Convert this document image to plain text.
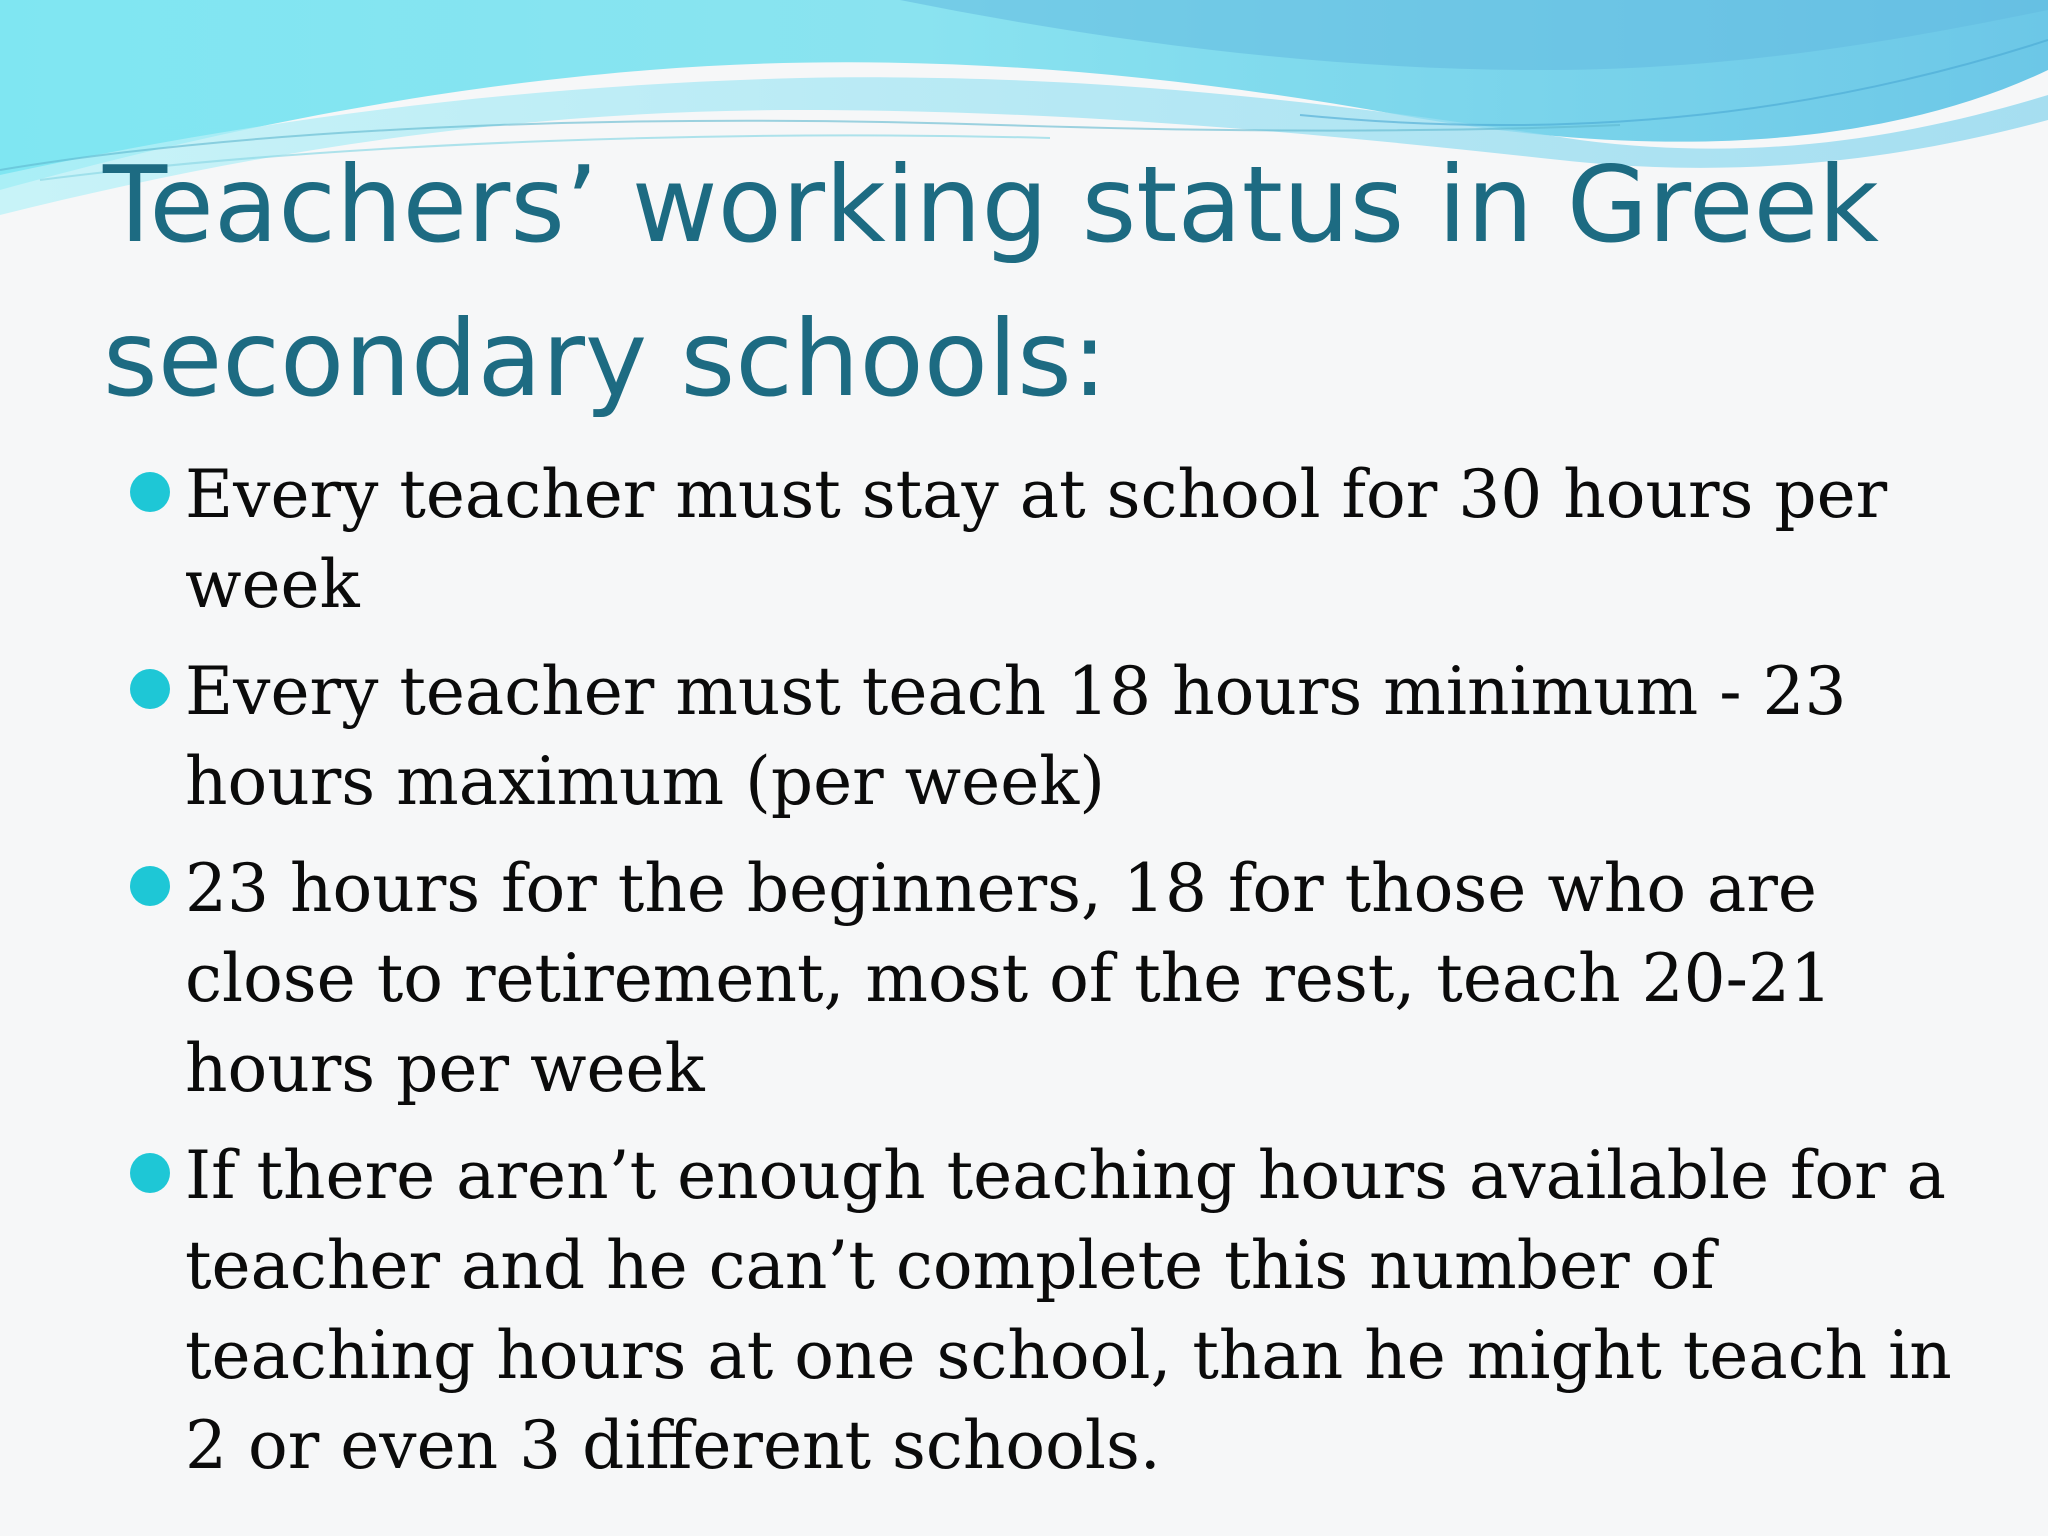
Teachers’ working status in Greek
secondary schools:
Every teacher must stay at school for 30 hours per week
Every teacher must teach 18 hours minimum - 23 hours maximum (per week)
23 hours for the beginners, 18 for those who are close to retirement, most of the rest, teach 20-21 hours per week
If there aren’t enough teaching hours available for a teacher and he can’t complete this number of teaching hours at one school, than he might teach in 2 or even 3 different schools.
